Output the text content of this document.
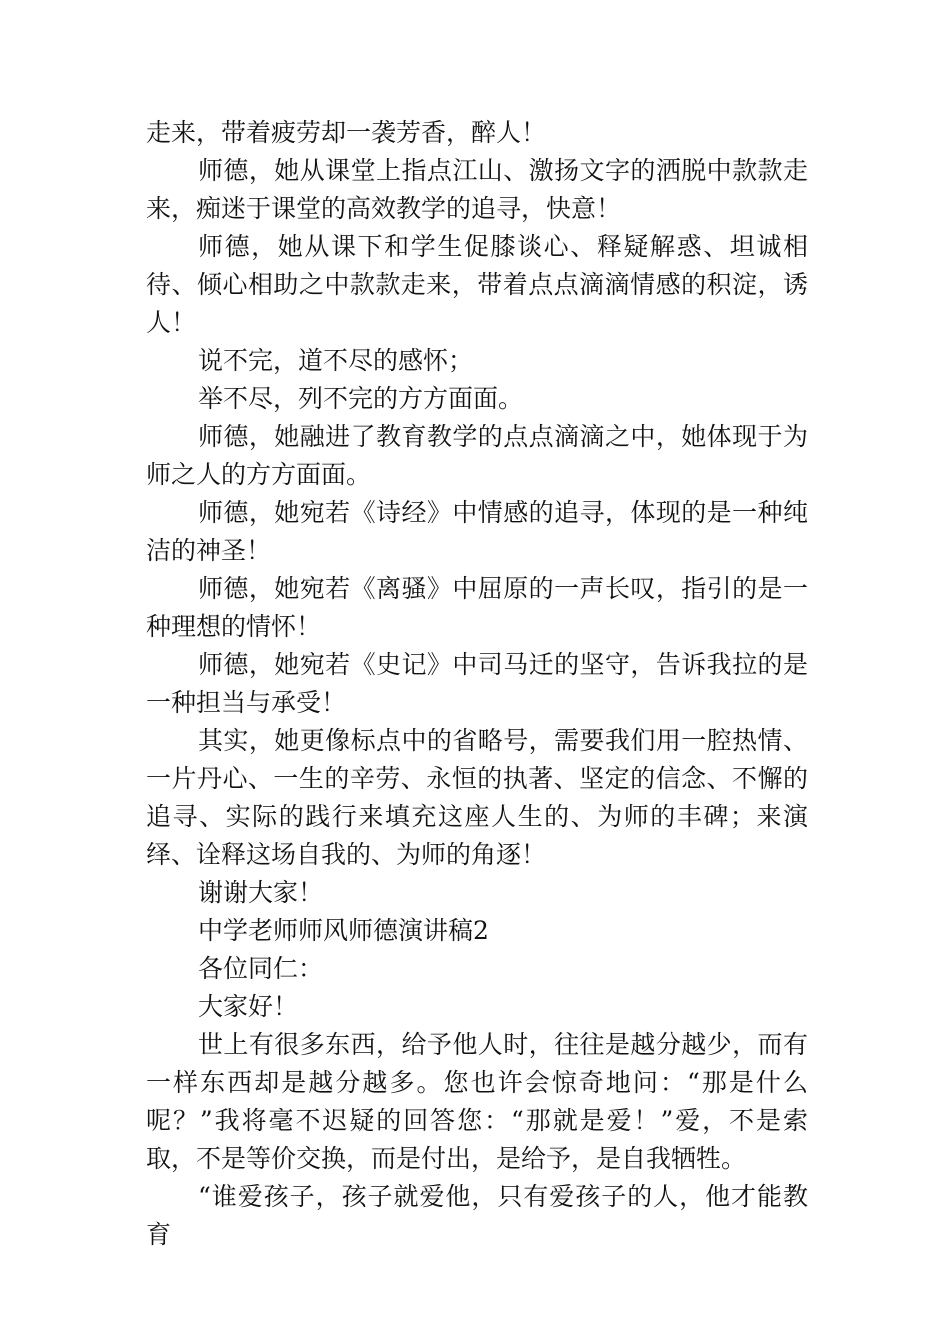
走来，带着疲劳却一袭芳香，醉人！

师德，她从课堂上指点江山、激扬文字的洒脱中款款走来，痴迷于课堂的高效教学的追寻，快意！

师德，她从课下和学生促膝谈心、释疑解惑、坦诚相待、倾心相助之中款款走来，带着点点滴滴情感的积淀，诱人！

说不完，道不尽的感怀；

举不尽，列不完的方方面面。

师德，她融进了教育教学的点点滴滴之中，她体现于为师之人的方方面面。

师德，她宛若《诗经》中情感的追寻，体现的是一种纯洁的神圣！

师德，她宛若《离骚》中屈原的一声长叹，指引的是一种理想的情怀！

师德，她宛若《史记》中司马迁的坚守，告诉我拉的是一种担当与承受！

其实，她更像标点中的省略号，需要我们用一腔热情、一片丹心、一生的辛劳、永恒的执著、坚定的信念、不懈的追寻、实际的践行来填充这座人生的、为师的丰碑；来演绎、诠释这场自我的、为师的角逐！

谢谢大家！

中学老师师风师德演讲稿2

各位同仁：

大家好！

世上有很多东西，给予他人时，往往是越分越少，而有一样东西却是越分越多。您也许会惊奇地问：“那是什么呢？”我将毫不迟疑的回答您：“那就是爱！”爱，不是索取，不是等价交换，而是付出，是给予，是自我牺牲。

“谁爱孩子，孩子就爱他，只有爱孩子的人，他才能教育
